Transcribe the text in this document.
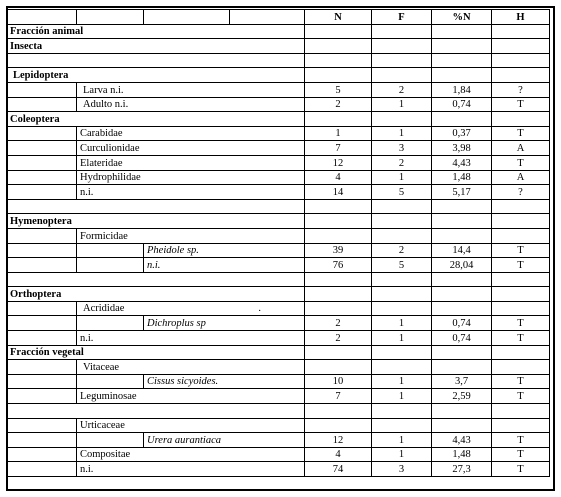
				N	F	%N	H
Fracción animal							
Insecta							

Lepidoptera							
	Larva n.i.			5	2	1,84	?
	Adulto n.i.			2	1	0,74	T
Coleoptera							
	Carabidae			1	1	0,37	T
	Curculionidae			7	3	3,98	A
	Elateridae			12	2	4,43	T
	Hydrophilidae			4	1	1,48	A
	n.i.			14	5	5,17	?

Hymenoptera							
	Formicidae						
		Pheidole sp.		39	2	14,4	T
		n.i.		76	5	28,04	T

Orthoptera							
	Acrididae .						

		Dichroplus sp		2	1	0,74	T
	n.i.			2	1	0,74	T
Fracción vegetal							
	Vitaceae						
		Cissus sicyoides.		10	1	3,7	T
	Leguminosae			7	1	2,59	T

	Urticaceae						
		Urera aurantiaca		12	1	4,43	T
	Compositae			4	1	1,48	T
	n.i.			74	3	27,3	T
